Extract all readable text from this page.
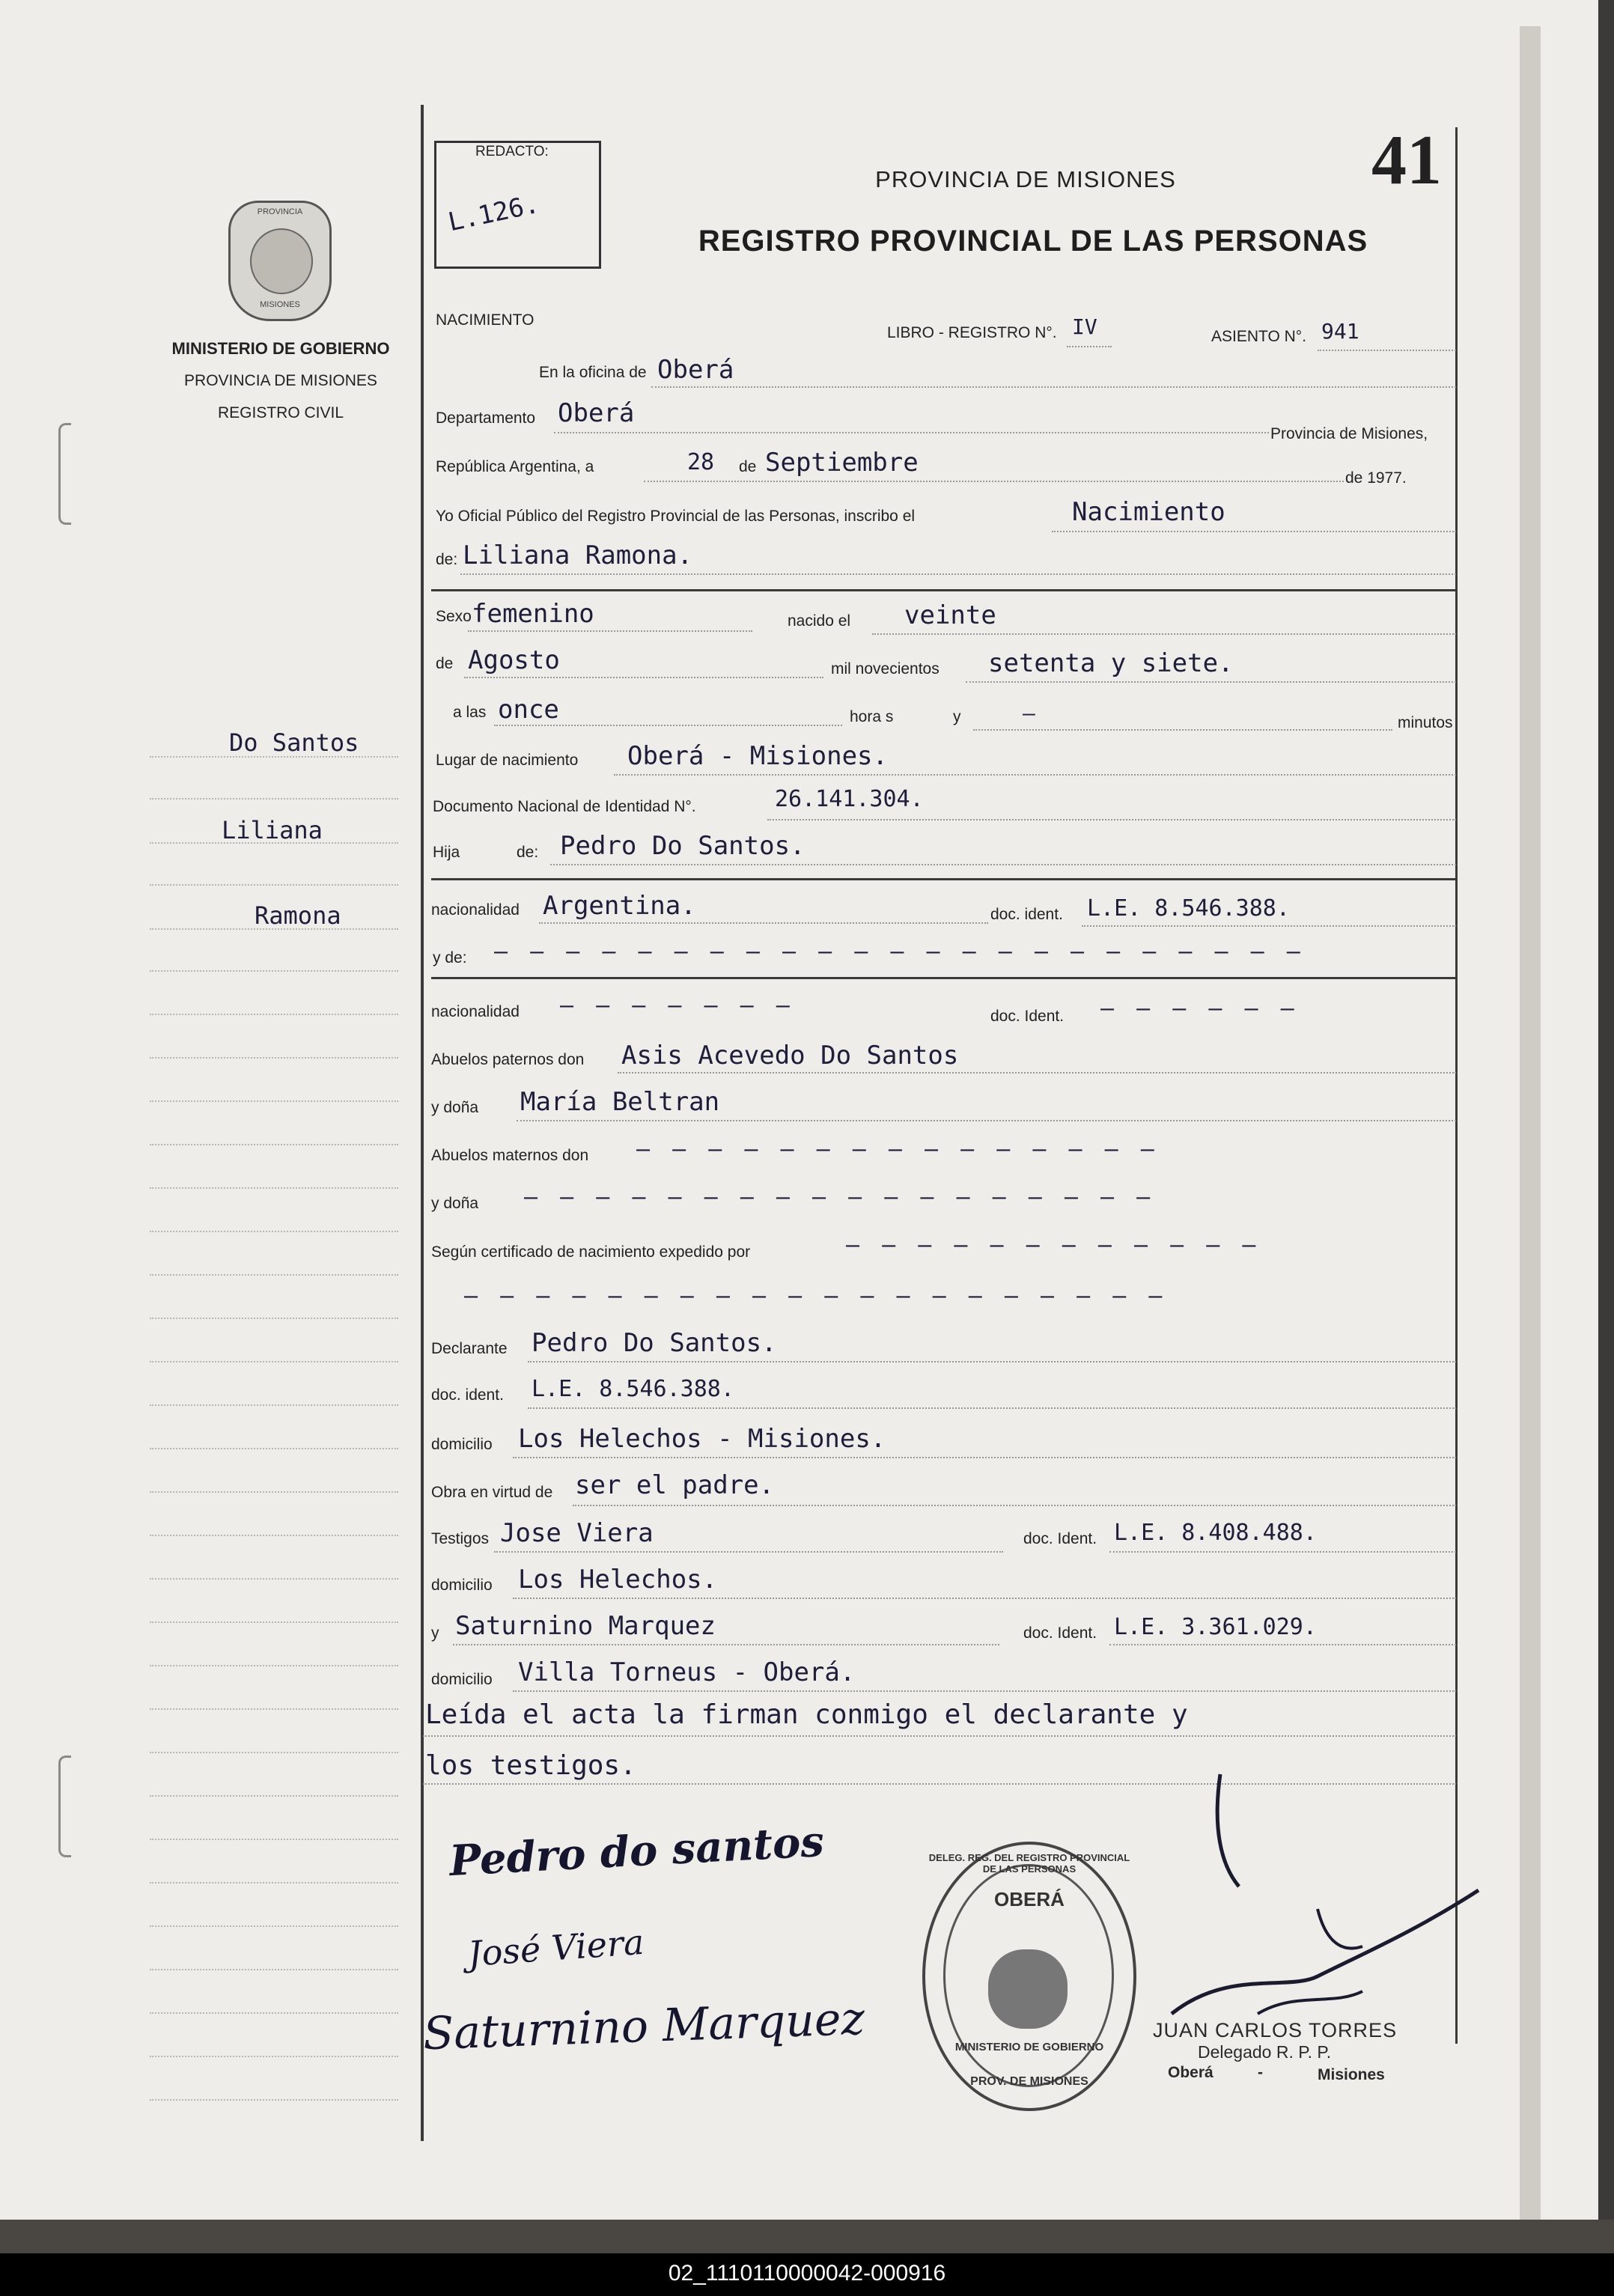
PROVINCIA
MISIONES
MINISTERIO DE GOBIERNO
PROVINCIA DE MISIONES
REGISTRO CIVIL
Do Santos
Liliana
Ramona
REDACTO:
L.126.
41
PROVINCIA DE MISIONES
REGISTRO PROVINCIAL DE LAS PERSONAS
NACIMIENTO
LIBRO - REGISTRO N°. IV	ASIENTO N°. 941
En la oficina de Oberá
Departamento Oberá
Provincia de Misiones,
República Argentina, a	28 de Septiembre
de 1977.
Yo Oficial Público del Registro Provincial de las Personas, inscribo el	Nacimiento
de: Liliana Ramona.
Sexo femenino	nacido el veinte
de Agosto	mil novecientos setenta y siete.
a las once	hora s	y	—	minutos
Lugar de nacimiento Oberá - Misiones.
Documento Nacional de Identidad N°.	26.141.304.
Hija	de: Pedro Do Santos.
nacionalidad Argentina.	doc. ident. L.E. 8.546.388.
y de: — — — — — — — — — — — — — — — — — — — — — — —
nacionalidad — — — — — — —	doc. Ident. — — — — — —
Abuelos paternos don Asis Acevedo Do Santos
y doña María Beltran
Abuelos maternos don — — — — — — — — — — — — — — —
y doña — — — — — — — — — — — — — — — — — —
Según certificado de nacimiento expedido por	— — — — — — — — — — — —
— — — — — — — — — — — — — — — — — — — —
Declarante Pedro Do Santos.
doc. ident. L.E. 8.546.388.
domicilio Los Helechos - Misiones.
Obra en virtud de ser el padre.
Testigos Jose Viera	doc. Ident. L.E. 8.408.488.
domicilio Los Helechos.
y Saturnino Marquez	doc. Ident. L.E. 3.361.029.
domicilio Villa Torneus - Oberá.
Leída el acta la firman conmigo el declarante y
los testigos.
Pedro do santos
José Viera
Saturnino Marquez
OBERÁ
DELEG. REG. DEL REGISTRO PROVINCIAL DE LAS PERSONAS
MINISTERIO DE GOBIERNO
PROV. DE MISIONES
JUAN CARLOS TORRES
Delegado R. P. P.
Oberá	-	Misiones
02_1110110000042-000916
